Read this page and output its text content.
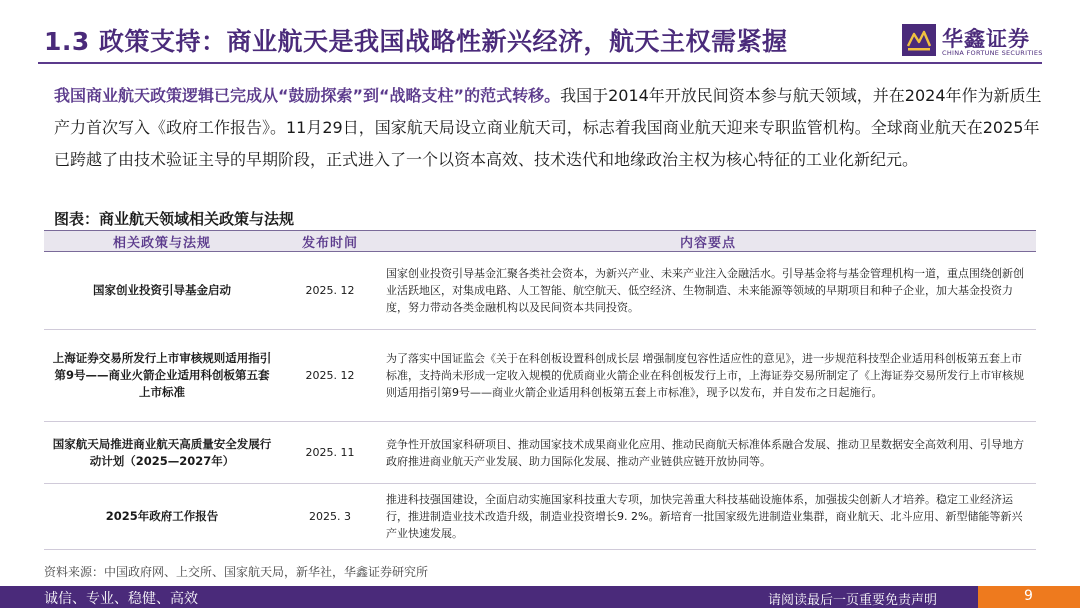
1.3 政策支持：商业航天是我国战略性新兴经济，航天主权需紧握	华鑫证券
CHINA FORTUNE SECURITIES
我国商业航天政策逻辑已完成从“鼓励探索”到“战略支柱”的范式转移。我国于2014年开放民间资本参与航天领域，并在2024年作为新质生产力首次写入《政府工作报告》。11月29日，国家航天局设立商业航天司，标志着我国商业航天迎来专职监管机构。全球商业航天在2025年已跨越了由技术验证主导的早期阶段，正式进入了一个以资本高效、技术迭代和地缘政治主权为核心特征的工业化新纪元。
图表：商业航天领域相关政策与法规
相关政策与法规	发布时间	内容要点
国家创业投资引导基金启动	2025. 12	国家创业投资引导基金汇聚各类社会资本，为新兴产业、未来产业注入金融活水。引导基金将与基金管理机构一道，重点围绕创新创业活跃地区，对集成电路、人工智能、航空航天、低空经济、生物制造、未来能源等领域的早期项目和种子企业，加大基金投资力度，努力带动各类金融机构以及民间资本共同投资。
上海证券交易所发行上市审核规则适用指引第9号——商业火箭企业适用科创板第五套上市标准	2025. 12	为了落实中国证监会《关于在科创板设置科创成长层 增强制度包容性适应性的意见》，进一步规范科技型企业适用科创板第五套上市标准，支持尚未形成一定收入规模的优质商业火箭企业在科创板发行上市，上海证券交易所制定了《上海证券交易所发行上市审核规则适用指引第9号——商业火箭企业适用科创板第五套上市标准》，现予以发布，并自发布之日起施行。
国家航天局推进商业航天高质量安全发展行动计划（2025—2027年）	2025. 11	竞争性开放国家科研项目、推动国家技术成果商业化应用、推动民商航天标准体系融合发展、推动卫星数据安全高效利用、引导地方政府推进商业航天产业发展、助力国际化发展、推动产业链供应链开放协同等。
2025年政府工作报告	2025. 3	推进科技强国建设，全面启动实施国家科技重大专项，加快完善重大科技基础设施体系，加强拔尖创新人才培养。稳定工业经济运行，推进制造业技术改造升级，制造业投资增长9. 2%。新培育一批国家级先进制造业集群，商业航天、北斗应用、新型储能等新兴产业快速发展。
资料来源：中国政府网、上交所、国家航天局，新华社，华鑫证券研究所
诚信、专业、稳健、高效	请阅读最后一页重要免责声明	9
